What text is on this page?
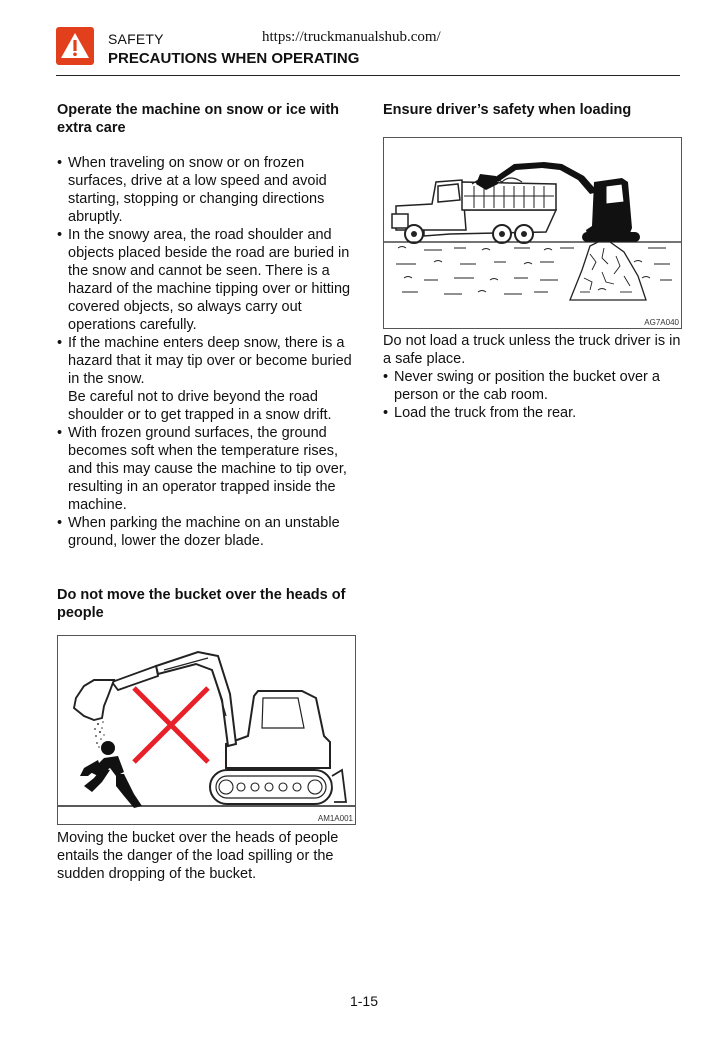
SAFETY	https://truckmanualshub.com/
PRECAUTIONS WHEN OPERATING
Operate the machine on snow or ice with extra care
• When traveling on snow or on frozen surfaces, drive at a low speed and avoid starting, stopping or changing directions abruptly.
• In the snowy area, the road shoulder and objects placed beside the road are buried in the snow and cannot be seen. There is a hazard of the machine tipping over or hitting covered objects, so always carry out operations carefully.
• If the machine enters deep snow, there is a hazard that it may tip over or become buried in the snow.
Be careful not to drive beyond the road shoulder or to get trapped in a snow drift.
• With frozen ground surfaces, the ground becomes soft when the temperature rises, and this may cause the machine to tip over, resulting in an operator trapped inside the machine.
• When parking the machine on an unstable ground, lower the dozer blade.
Do not move the bucket over the heads of people
AM1A001

Moving the bucket over the heads of people entails the danger of the load spilling or the sudden dropping of the bucket.

Ensure driver’s safety when loading
AG7A040

Do not load a truck unless the truck driver is in a safe place.

• Never swing or position the bucket over a person or the cab room.
• Load the truck from the rear.
1-15
